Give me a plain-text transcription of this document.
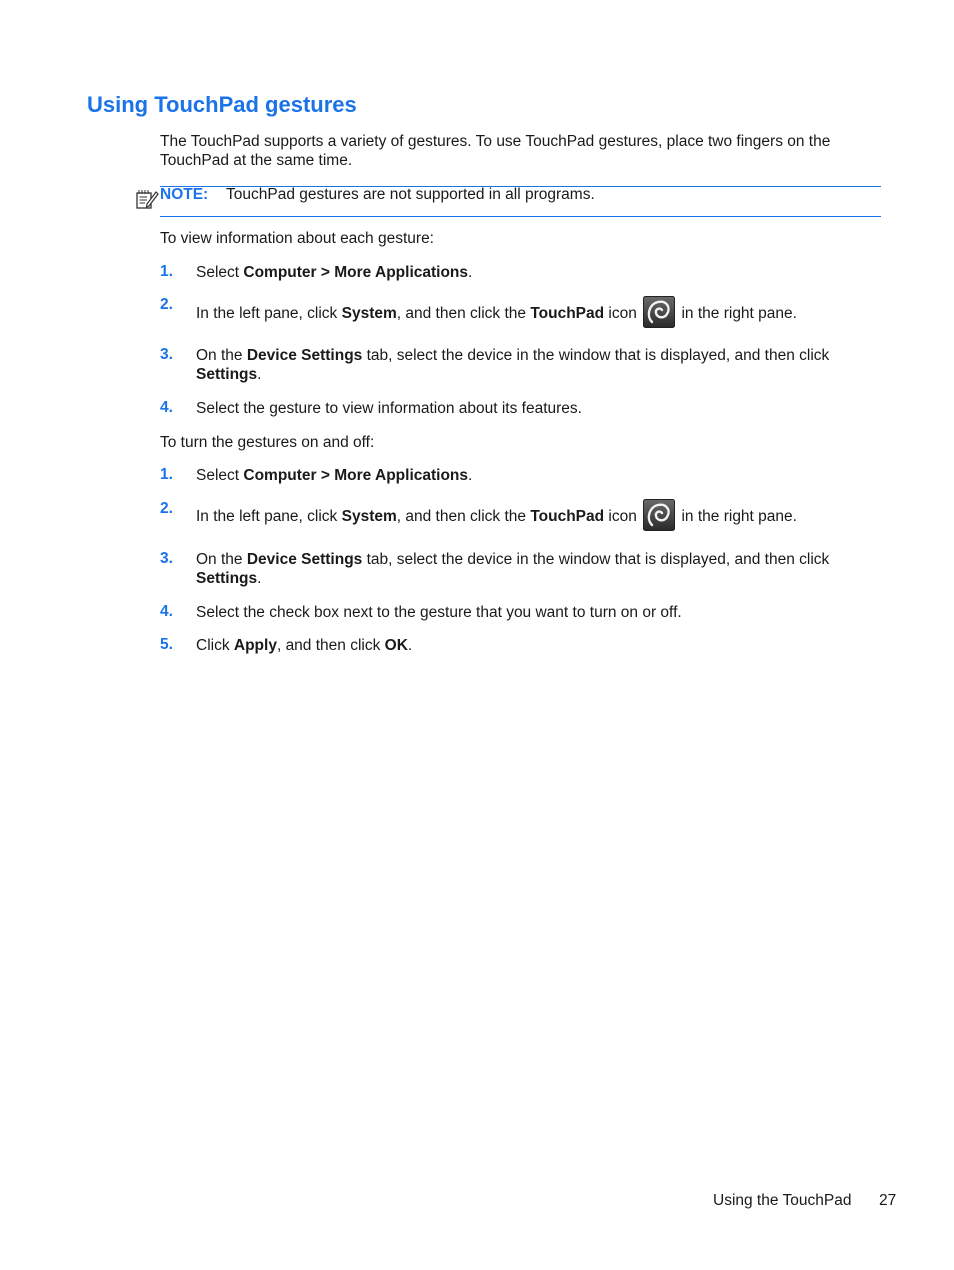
Using TouchPad gestures
The TouchPad supports a variety of gestures. To use TouchPad gestures, place two fingers on the TouchPad at the same time.
NOTE: TouchPad gestures are not supported in all programs.
To view information about each gesture:
1. Select Computer > More Applications.
2.
In the left pane, click System, and then click the TouchPad icon	in the right pane.
3. On the Device Settings tab, select the device in the window that is displayed, and then click Settings.
4. Select the gesture to view information about its features.
To turn the gestures on and off:
1. Select Computer > More Applications.
2. In the left pane, click System, and then click the TouchPad icon	in the right pane.
3. On the Device Settings tab, select the device in the window that is displayed, and then click Settings.
4. Select the check box next to the gesture that you want to turn on or off.
5. Click Apply, and then click OK.
Using the TouchPad 27
